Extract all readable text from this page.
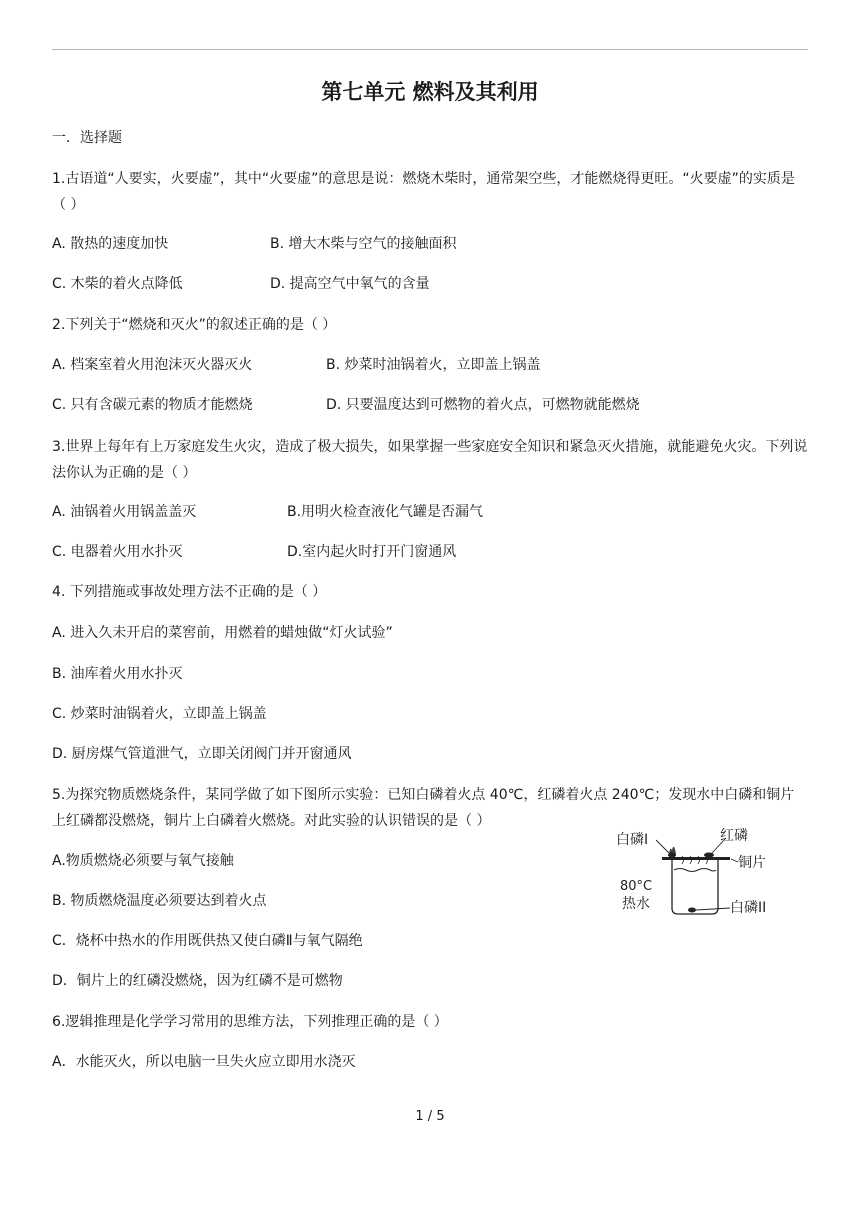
第七单元 燃料及其利用
一．选择题
1.古语道“人要实，火要虚”，其中“火要虚”的意思是说：燃烧木柴时，通常架空些，才能燃烧得更旺。“火要虚”的实质是（ ）
A. 散热的速度加快	B. 增大木柴与空气的接触面积
C. 木柴的着火点降低	D. 提高空气中氧气的含量
2.下列关于“燃烧和灭火”的叙述正确的是（ ）
A. 档案室着火用泡沫灭火器灭火	B. 炒菜时油锅着火，立即盖上锅盖
C. 只有含碳元素的物质才能燃烧	D. 只要温度达到可燃物的着火点，可燃物就能燃烧
3.世界上每年有上万家庭发生火灾，造成了极大损失，如果掌握一些家庭安全知识和紧急灭火措施，就能避免火灾。下列说法你认为正确的是（ ）
A. 油锅着火用锅盖盖灭	B.用明火检查液化气罐是否漏气
C. 电器着火用水扑灭	D.室内起火时打开门窗通风
4. 下列措施或事故处理方法不正确的是（ ）
A. 进入久未开启的菜窖前，用燃着的蜡烛做“灯火试验”
B. 油库着火用水扑灭
C. 炒菜时油锅着火，立即盖上锅盖
D. 厨房煤气管道泄气，立即关闭阀门并开窗通风
5.为探究物质燃烧条件，某同学做了如下图所示实验：已知白磷着火点 40℃，红磷着火点 240℃；发现水中白磷和铜片上红磷都没燃烧，铜片上白磷着火燃烧。对此实验的认识错误的是（ ）
A.物质燃烧必须要与氧气接触
B. 物质燃烧温度必须要达到着火点
C．烧杯中热水的作用既供热又使白磷Ⅱ与氧气隔绝
D．铜片上的红磷没燃烧，因为红磷不是可燃物
白磷Ⅰ	红磷
铜片
80°C
热水	白磷II
6.逻辑推理是化学学习常用的思维方法，下列推理正确的是（ ）
A．水能灭火，所以电脑一旦失火应立即用水浇灭
1 / 5
